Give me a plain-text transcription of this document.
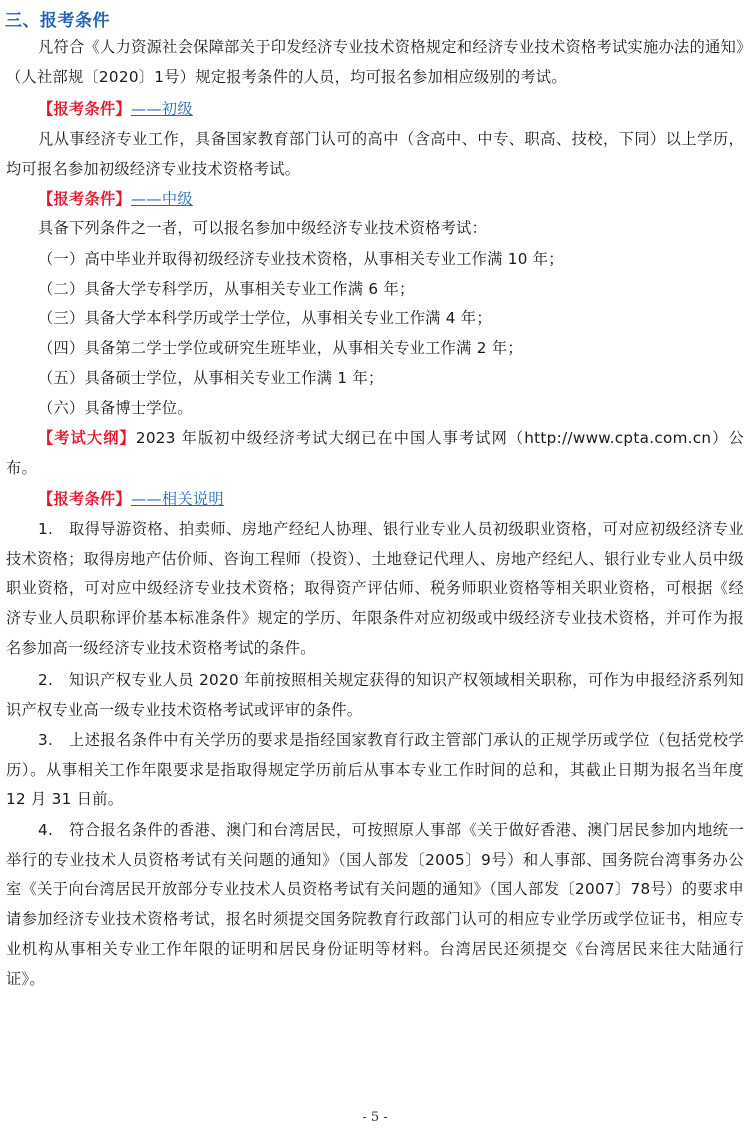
三、报考条件

凡符合《人力资源社会保障部关于印发经济专业技术资格规定和经济专业技术资格考试实施办法的通知》（人社部规〔2020〕1号）规定报考条件的人员，均可报名参加相应级别的考试。

【报考条件】——初级

凡从事经济专业工作，具备国家教育部门认可的高中（含高中、中专、职高、技校，下同）以上学历，均可报名参加初级经济专业技术资格考试。

【报考条件】——中级

具备下列条件之一者，可以报名参加中级经济专业技术资格考试：

（一）高中毕业并取得初级经济专业技术资格，从事相关专业工作满 10 年；

（二）具备大学专科学历，从事相关专业工作满 6 年；

（三）具备大学本科学历或学士学位，从事相关专业工作满 4 年；

（四）具备第二学士学位或研究生班毕业，从事相关专业工作满 2 年；

（五）具备硕士学位，从事相关专业工作满 1 年；

（六）具备博士学位。

【考试大纲】2023 年版初中级经济考试大纲已在中国人事考试网（http://www.cpta.com.cn）公布。

【报考条件】——相关说明

1.　取得导游资格、拍卖师、房地产经纪人协理、银行业专业人员初级职业资格，可对应初级经济专业技术资格；取得房地产估价师、咨询工程师（投资）、土地登记代理人、房地产经纪人、银行业专业人员中级职业资格，可对应中级经济专业技术资格；取得资产评估师、税务师职业资格等相关职业资格，可根据《经济专业人员职称评价基本标准条件》规定的学历、年限条件对应初级或中级经济专业技术资格，并可作为报名参加高一级经济专业技术资格考试的条件。

2.　知识产权专业人员 2020 年前按照相关规定获得的知识产权领域相关职称，可作为申报经济系列知识产权专业高一级专业技术资格考试或评审的条件。

3.　上述报名条件中有关学历的要求是指经国家教育行政主管部门承认的正规学历或学位（包括党校学历）。从事相关工作年限要求是指取得规定学历前后从事本专业工作时间的总和，其截止日期为报名当年度 12 月 31 日前。

4.　符合报名条件的香港、澳门和台湾居民，可按照原人事部《关于做好香港、澳门居民参加内地统一举行的专业技术人员资格考试有关问题的通知》（国人部发〔2005〕9号）和人事部、国务院台湾事务办公室《关于向台湾居民开放部分专业技术人员资格考试有关问题的通知》（国人部发〔2007〕78号）的要求申请参加经济专业技术资格考试，报名时须提交国务院教育行政部门认可的相应专业学历或学位证书，相应专业机构从事相关专业工作年限的证明和居民身份证明等材料。台湾居民还须提交《台湾居民来往大陆通行证》。

- 5 -
